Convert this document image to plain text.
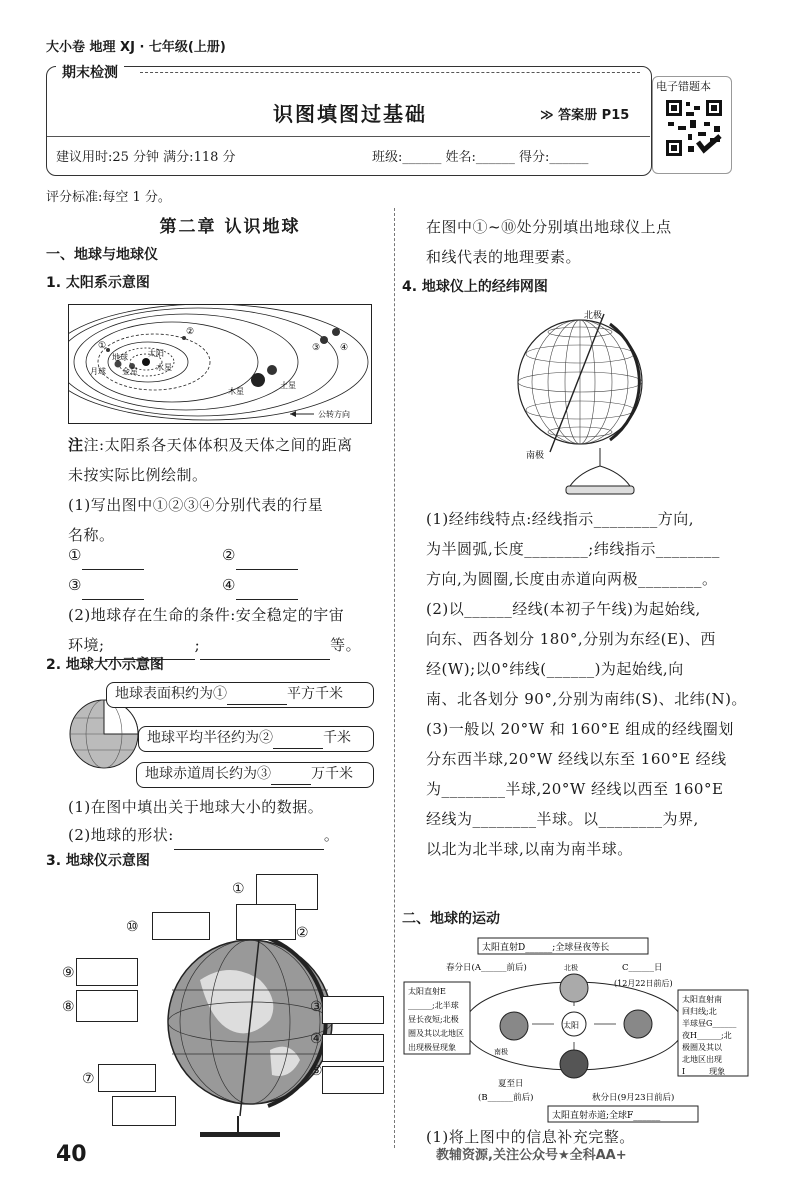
大小卷 地理 XJ · 七年级(上册)
期末检测
识图填图过基础	≫ 答案册 P15
建议用时:25 分钟 满分:118 分	班级:______ 姓名:______ 得分:______
电子错题本
评分标准:每空 1 分。
第二章 认识地球
一、地球与地球仪
1. 太阳系示意图
太阳
金星
地球
月球	水星
木星
土星
①
②
③ ④
公转方向
注注:太阳系各天体体积及天体之间的距离
未按实际比例绘制。
(1)写出图中①②③④分别代表的行星
名称。
①	②
③	④
(2)地球存在生命的条件:安全稳定的宇宙
环境;	;	等。
2. 地球大小示意图
地球表面积约为①	平方千米
地球平均半径约为②	千米
地球赤道周长约为③	万千米
(1)在图中填出关于地球大小的数据。
(2)地球的形状:	。
3. 地球仪示意图
①
②
③
④
⑤
⑦
⑧
⑨
⑩
在图中①~⑩处分别填出地球仪上点
和线代表的地理要素。
4. 地球仪上的经纬网图
北极
南极
(1)经纬线特点:经线指示________方向,
为半圆弧,长度________;纬线指示________
方向,为圆圈,长度由赤道向两极________。
(2)以______经线(本初子午线)为起始线,
向东、西各划分 180°,分别为东经(E)、西
经(W);以0°纬线(______)为起始线,向
南、北各划分 90°,分别为南纬(S)、北纬(N)。
(3)一般以 20°W 和 160°E 组成的经线圈划
分东西半球,20°W 经线以东至 160°E 经线
为________半球,20°W 经线以西至 160°E
经线为________半球。以________为界,
以北为北半球,以南为南半球。
二、地球的运动
太阳直射D______;全球昼夜等长
春分日(A______前后)	C______日
(12月22日前后)
太阳
北极
南极
太阳直射E
______;北半球
昼长夜短;北极
圈及其以北地区
出现极昼现象
太阳直射南
回归线;北
半球昼G______
夜H______;北
极圈及其以
北地区出现
I______现象
夏至日
(B______前后)	秋分日(9月23日前后)
太阳直射赤道;全球F______
(1)将上图中的信息补充完整。
40	教辅资源,关注公众号★全科AA+
